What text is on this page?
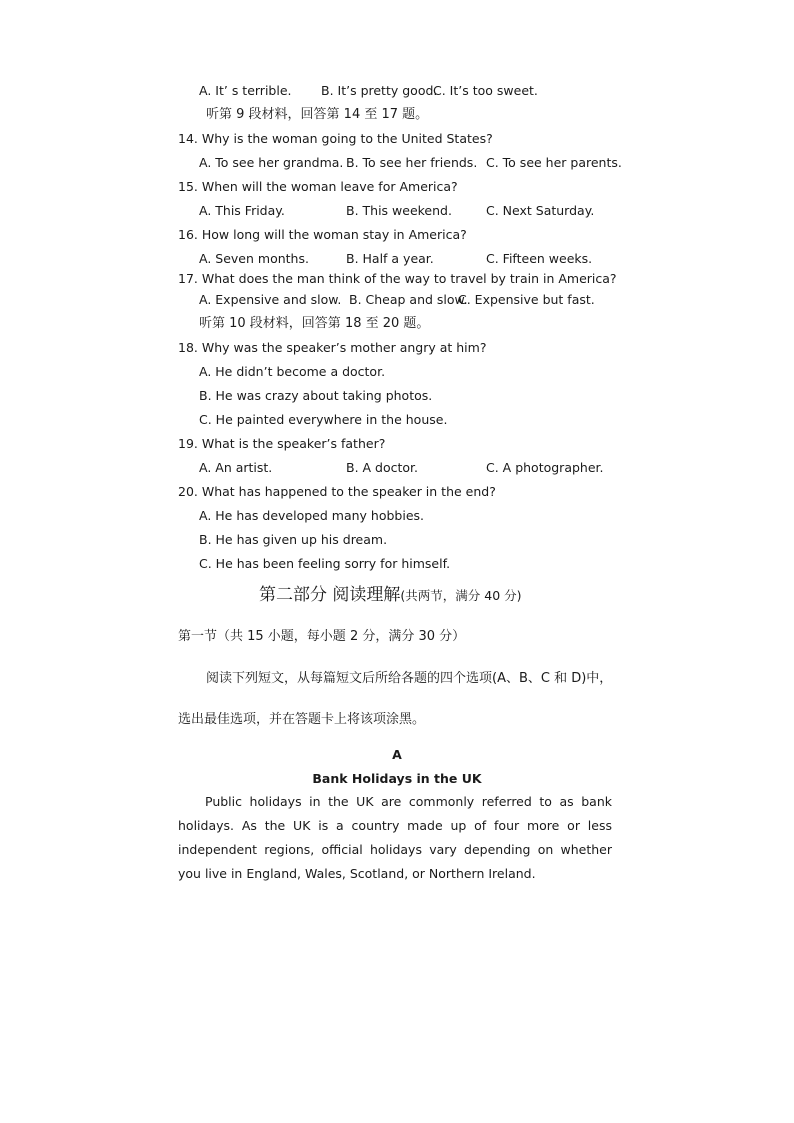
A. It’ s terrible. B. It’s pretty good.
C. It’s too sweet.
听第 9 段材料，回答第 14 至 17 题。
14. Why is the woman going to the United States?
A. To see her grandma. B. To see her friends. C. To see her parents.
15. When will the woman leave for America?
A. This Friday.	B. This weekend.	C. Next Saturday.
16. How long will the woman stay in America?
A. Seven months.	B. Half a year.	C. Fifteen weeks.
17. What does the man think of the way to travel by train in America?
A. Expensive and slow. B. Cheap and slow.
C. Expensive but fast.
听第 10 段材料，回答第 18 至 20 题。
18. Why was the speaker’s mother angry at him?
A. He didn’t become a doctor.
B. He was crazy about taking photos.
C. He painted everywhere in the house.
19. What is the speaker’s father?
A. An artist.	B. A doctor.	C. A photographer.
20. What has happened to the speaker in the end?
A. He has developed many hobbies.
B. He has given up his dream.
C. He has been feeling sorry for himself.
第二部分 阅读理解(共两节，满分 40 分)
第一节（共 15 小题，每小题 2 分，满分 30 分）
阅读下列短文，从每篇短文后所给各题的四个选项(A、B、C 和 D)中，
选出最佳选项，并在答题卡上将该项涂黑。
A
Bank Holidays in the UK
Public holidays in the UK are commonly referred to as bank holidays. As the UK is a country made up of four more or less independent regions, official holidays vary depending on whether you live in England, Wales, Scotland, or Northern Ireland.
